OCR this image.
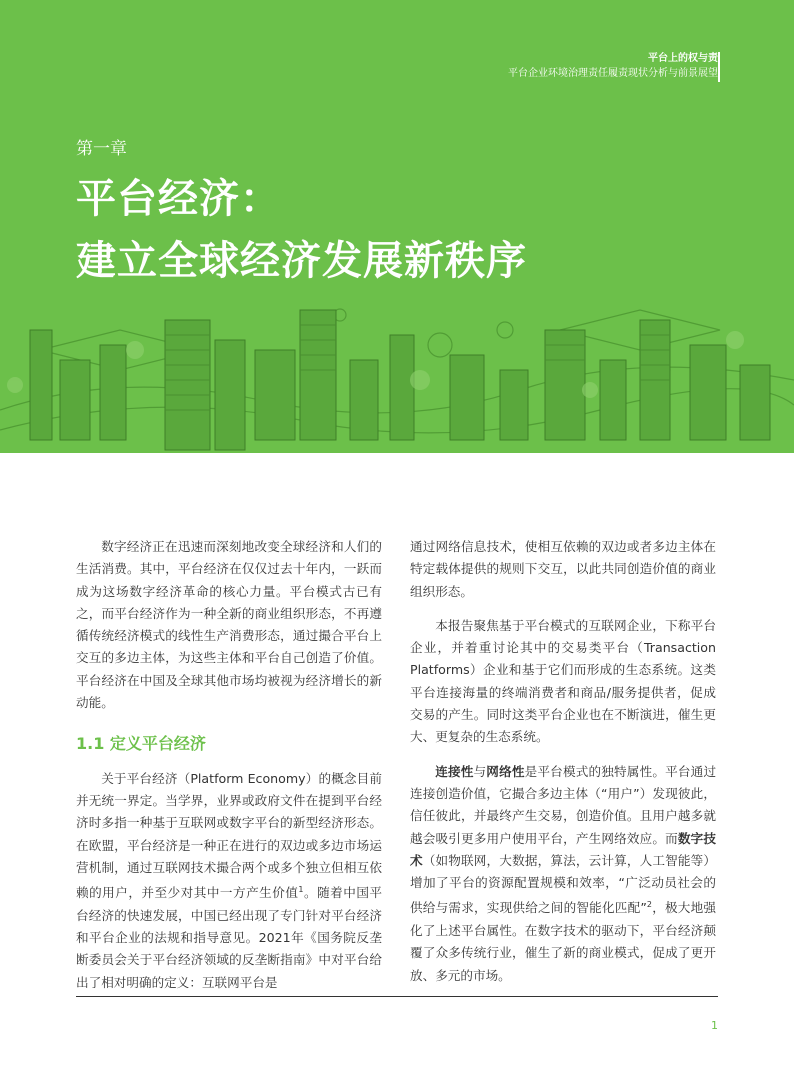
平台上的权与责
平台企业环境治理责任履责现状分析与前景展望
第一章
平台经济：
建立全球经济发展新秩序

数字经济正在迅速而深刻地改变全球经济和人们的生活消费。其中，平台经济在仅仅过去十年内，一跃而成为这场数字经济革命的核心力量。平台模式古已有之，而平台经济作为一种全新的商业组织形态，不再遵循传统经济模式的线性生产消费形态，通过撮合平台上交互的多边主体，为这些主体和平台自己创造了价值。平台经济在中国及全球其他市场均被视为经济增长的新动能。

1.1 定义平台经济

关于平台经济（Platform Economy）的概念目前并无统一界定。当学界，业界或政府文件在提到平台经济时多指一种基于互联网或数字平台的新型经济形态。在欧盟，平台经济是一种正在进行的双边或多边市场运营机制，通过互联网技术撮合两个或多个独立但相互依赖的用户，并至少对其中一方产生价值$^1$。随着中国平台经济的快速发展，中国已经出现了专门针对平台经济和平台企业的法规和指导意见。2021年《国务院反垄断委员会关于平台经济领域的反垄断指南》中对平台给出了相对明确的定义：互联网平台是

通过网络信息技术，使相互依赖的双边或者多边主体在特定载体提供的规则下交互，以此共同创造价值的商业组织形态。

本报告聚焦基于平台模式的互联网企业，下称平台企业，并着重讨论其中的交易类平台（Transaction Platforms）企业和基于它们而形成的生态系统。这类平台连接海量的终端消费者和商品/服务提供者，促成交易的产生。同时这类平台企业也在不断演进，催生更大、更复杂的生态系统。

连接性与网络性是平台模式的独特属性。平台通过连接创造价值，它撮合多边主体（“用户”）发现彼此，信任彼此，并最终产生交易，创造价值。且用户越多就越会吸引更多用户使用平台，产生网络效应。而数字技术（如物联网，大数据，算法，云计算，人工智能等）增加了平台的资源配置规模和效率，“广泛动员社会的供给与需求，实现供给之间的智能化匹配”$^2$，极大地强化了上述平台属性。在数字技术的驱动下，平台经济颠覆了众多传统行业，催生了新的商业模式，促成了更开放、多元的市场。

1
